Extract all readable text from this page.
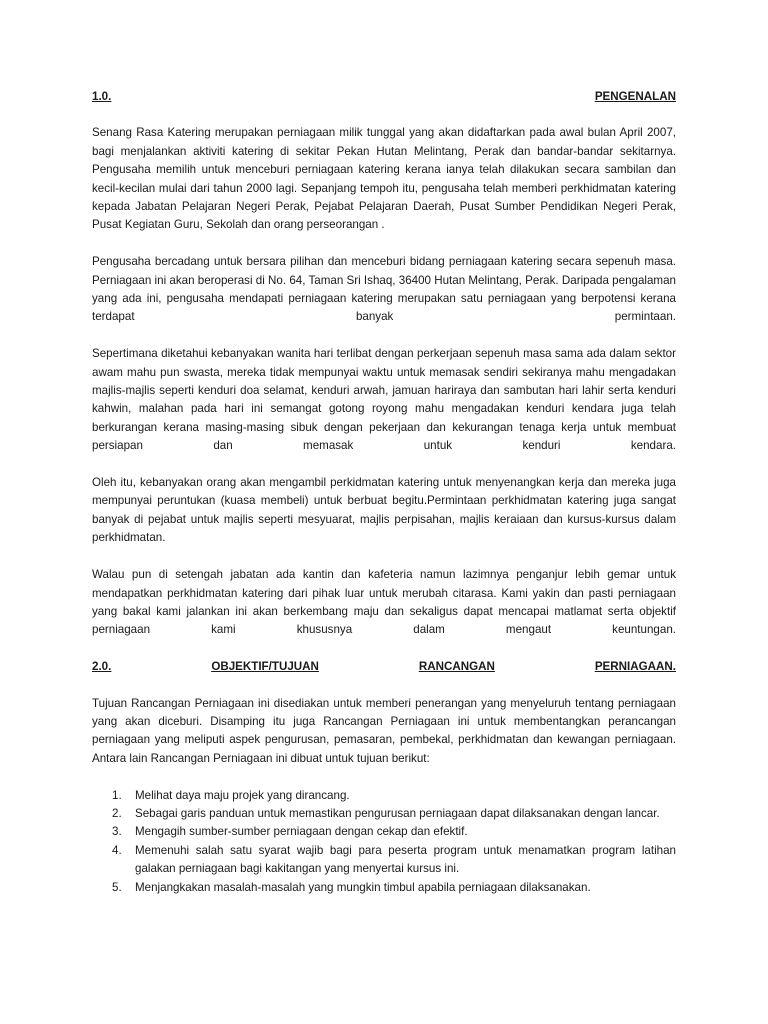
1.0.	PENGENALAN

Senang Rasa Katering merupakan perniagaan milik tunggal yang akan didaftarkan pada awal bulan April 2007, bagi menjalankan aktiviti katering di sekitar Pekan Hutan Melintang, Perak dan bandar-bandar sekitarnya. Pengusaha memilih untuk menceburi perniagaan katering kerana ianya telah dilakukan secara sambilan dan kecil-kecilan mulai dari tahun 2000 lagi. Sepanjang tempoh itu, pengusaha telah memberi perkhidmatan katering kepada Jabatan Pelajaran Negeri Perak, Pejabat Pelajaran Daerah, Pusat Sumber Pendidikan Negeri Perak, Pusat Kegiatan Guru, Sekolah dan orang perseorangan .

Pengusaha bercadang untuk bersara pilihan dan menceburi bidang perniagaan katering secara sepenuh masa. Perniagaan ini akan beroperasi di No. 64, Taman Sri Ishaq, 36400 Hutan Melintang, Perak. Daripada pengalaman yang ada ini, pengusaha mendapati perniagaan katering merupakan satu perniagaan yang berpotensi kerana terdapat banyak permintaan.

Sepertimana diketahui kebanyakan wanita hari terlibat dengan perkerjaan sepenuh masa sama ada dalam sektor awam mahu pun swasta, mereka tidak mempunyai waktu untuk memasak sendiri sekiranya mahu mengadakan majlis-majlis seperti kenduri doa selamat, kenduri arwah, jamuan hariraya dan sambutan hari lahir serta kenduri kahwin, malahan pada hari ini semangat gotong royong mahu mengadakan kenduri kendara juga telah berkurangan kerana masing-masing sibuk dengan pekerjaan dan kekurangan tenaga kerja untuk membuat persiapan dan memasak untuk kenduri kendara.

Oleh itu, kebanyakan orang akan mengambil perkidmatan katering untuk menyenangkan kerja dan mereka juga mempunyai peruntukan (kuasa membeli) untuk berbuat begitu.Permintaan perkhidmatan katering juga sangat banyak di pejabat untuk majlis seperti mesyuarat, majlis perpisahan, majlis keraiaan dan kursus-kursus dalam perkhidmatan.

Walau pun di setengah jabatan ada kantin dan kafeteria namun lazimnya penganjur lebih gemar untuk mendapatkan perkhidmatan katering dari pihak luar untuk merubah citarasa. Kami yakin dan pasti perniagaan yang bakal kami jalankan ini akan berkembang maju dan sekaligus dapat mencapai matlamat serta objektif perniagaan kami khususnya dalam mengaut keuntungan.

2.0.	OBJEKTIF/TUJUAN	RANCANGAN	PERNIAGAAN.

Tujuan Rancangan Perniagaan ini disediakan untuk memberi penerangan yang menyeluruh tentang perniagaan yang akan diceburi. Disamping itu juga Rancangan Perniagaan ini untuk membentangkan perancangan perniagaan yang meliputi aspek pengurusan, pemasaran, pembekal, perkhidmatan dan kewangan perniagaan. Antara lain Rancangan Perniagaan ini dibuat untuk tujuan berikut:

1.	Melihat daya maju projek yang dirancang.
2.	Sebagai garis panduan untuk memastikan pengurusan perniagaan dapat dilaksanakan dengan lancar.
3.	Mengagih sumber-sumber perniagaan dengan cekap dan efektif.
4.	Memenuhi salah satu syarat wajib bagi para peserta program untuk menamatkan program latihan galakan perniagaan bagi kakitangan yang menyertai kursus ini.
5.	Menjangkakan masalah-masalah yang mungkin timbul apabila perniagaan dilaksanakan.
